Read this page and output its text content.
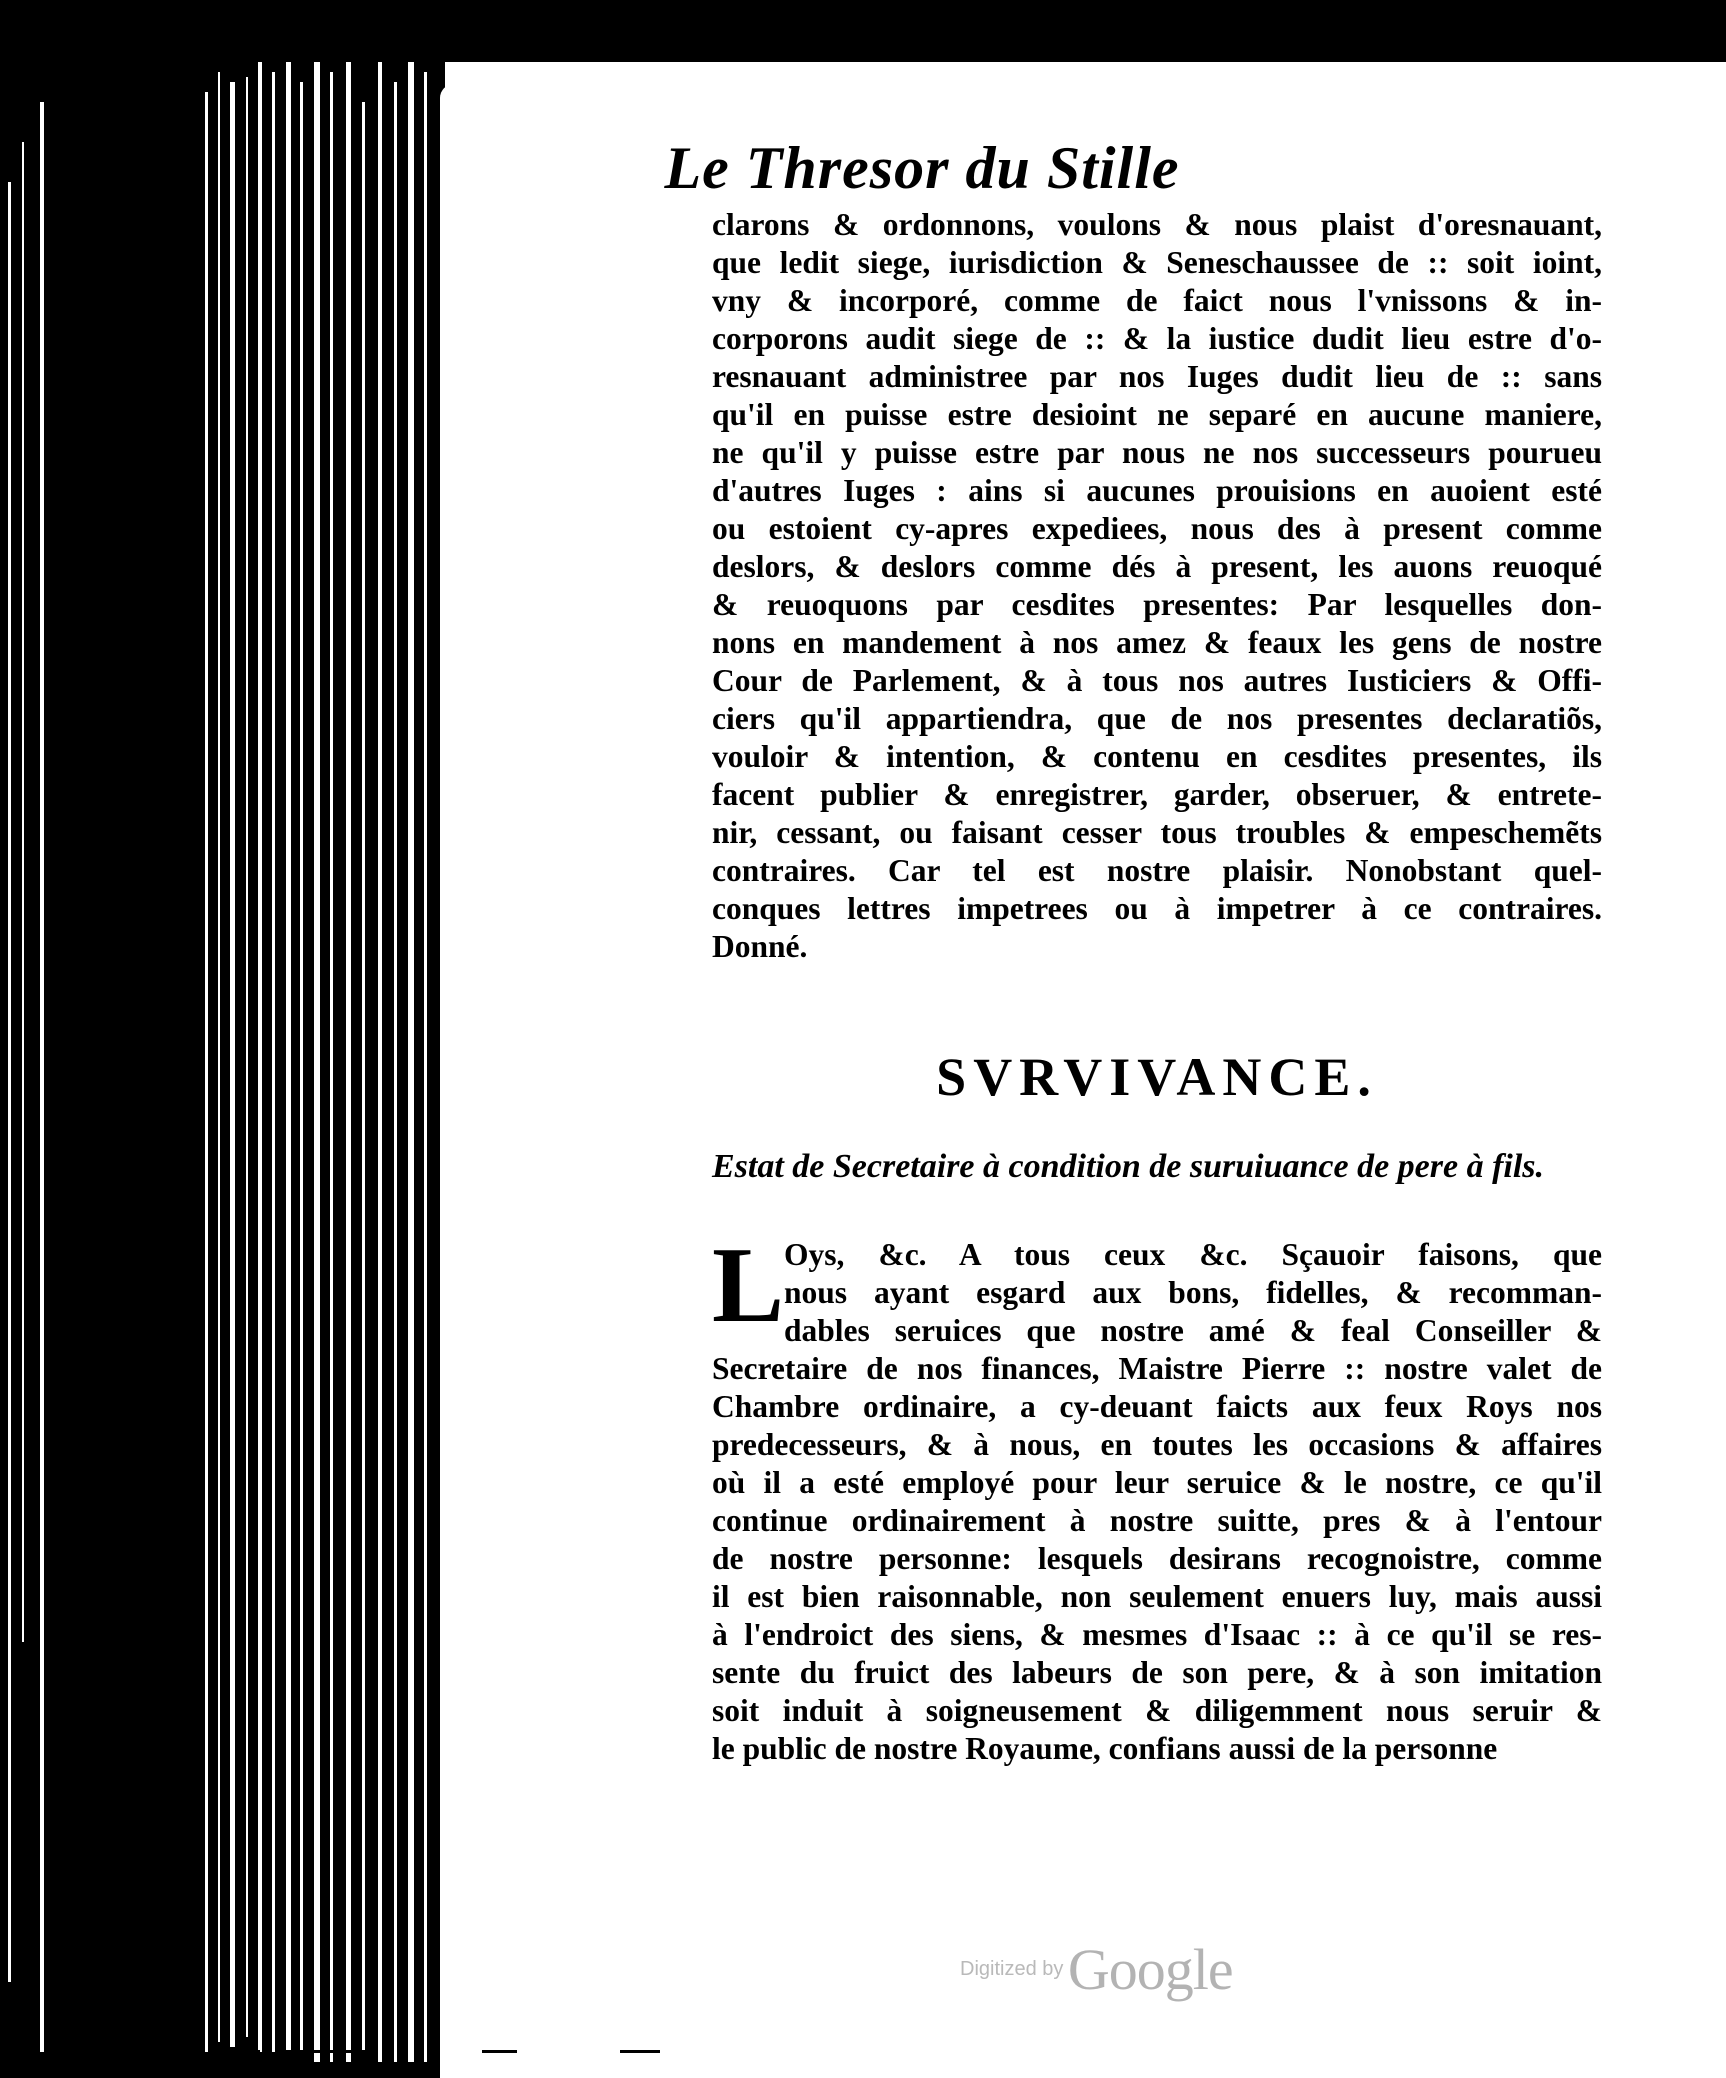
Le Thresor du Stille
clarons & ordonnons, voulons & nous plaist d'oresnauant,
que ledit siege, iurisdiction & Seneschaussee de :: soit ioint,
vny & incorporé, comme de faict nous l'vnissons & in-
corporons audit siege de :: & la iustice dudit lieu estre d'o-
resnauant administree par nos Iuges dudit lieu de :: sans
qu'il en puisse estre desioint ne separé en aucune maniere,
ne qu'il y puisse estre par nous ne nos successeurs pourueu
d'autres Iuges : ains si aucunes prouisions en auoient esté
ou estoient cy-apres expediees, nous des à present comme
deslors, & deslors comme dés à present, les auons reuoqué
& reuoquons par cesdites presentes: Par lesquelles don-
nons en mandement à nos amez & feaux les gens de nostre
Cour de Parlement, & à tous nos autres Iusticiers & Offi-
ciers qu'il appartiendra, que de nos presentes declaratiõs,
vouloir & intention, & contenu en cesdites presentes, ils
facent publier & enregistrer, garder, obseruer, & entrete-
nir, cessant, ou faisant cesser tous troubles & empeschemẽts
contraires. Car tel est nostre plaisir. Nonobstant quel-
conques lettres impetrees ou à impetrer à ce contraires.
Donné.
SVRVIVANCE.
Estat de Secretaire à condition de suruiuance de pere à fils.
L Oys, &c. A tous ceux &c. Sçauoir faisons, que
nous ayant esgard aux bons, fidelles, & recomman-
dables seruices que nostre amé & feal Conseiller &
Secretaire de nos finances, Maistre Pierre :: nostre valet de
Chambre ordinaire, a cy-deuant faicts aux feux Roys nos
predecesseurs, & à nous, en toutes les occasions & affaires
où il a esté employé pour leur seruice & le nostre, ce qu'il
continue ordinairement à nostre suitte, pres & à l'entour
de nostre personne: lesquels desirans recognoistre, comme
il est bien raisonnable, non seulement enuers luy, mais aussi
à l'endroict des siens, & mesmes d'Isaac :: à ce qu'il se res-
sente du fruict des labeurs de son pere, & à son imitation
soit induit à soigneusement & diligemment nous seruir &
le public de nostre Royaume, confians aussi de la personne
Digitized by Google
